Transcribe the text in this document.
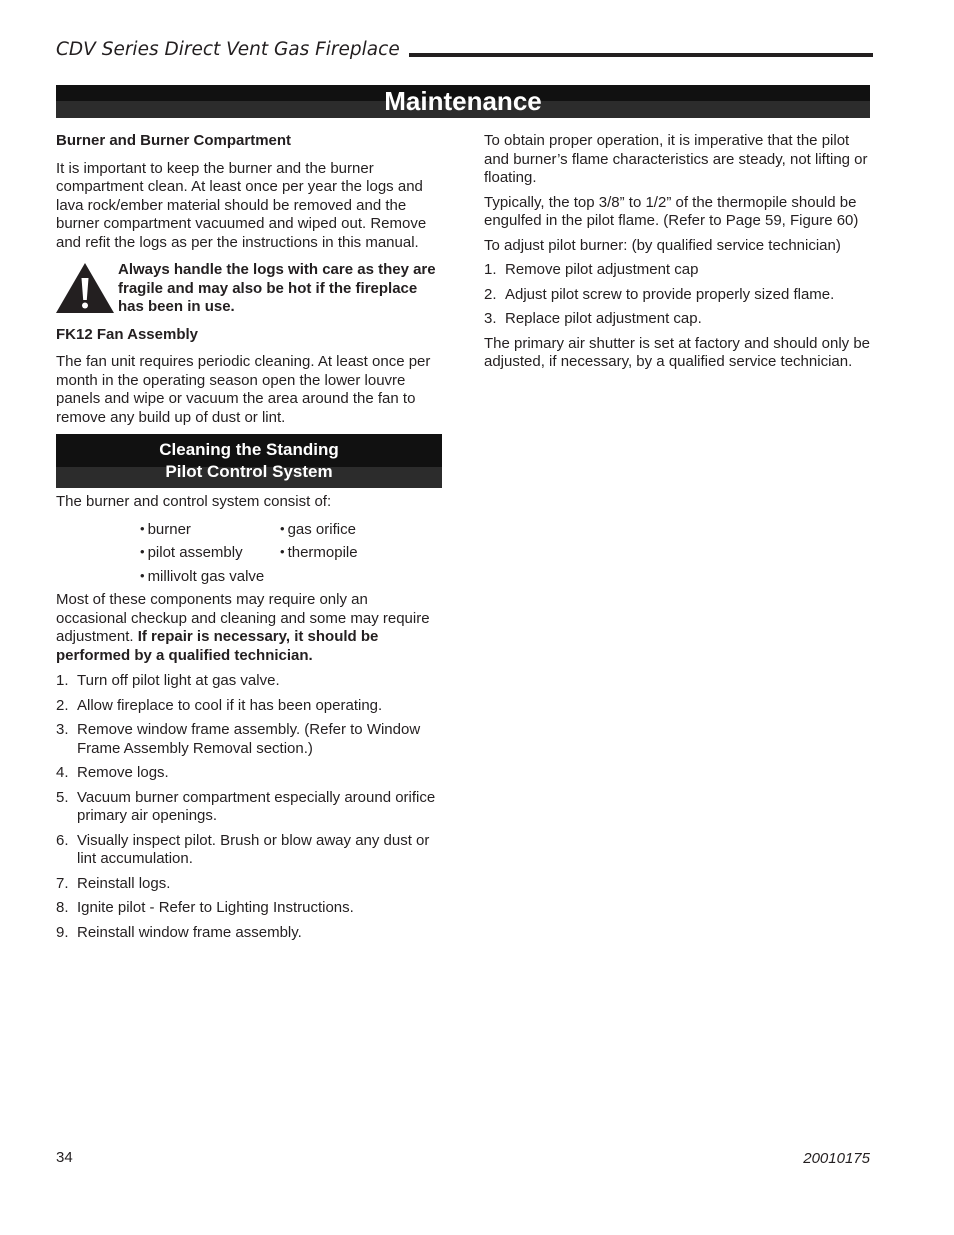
CDV Series Direct Vent Gas Fireplace
Maintenance
Burner and Burner Compartment

It is important to keep the burner and the burner compartment clean. At least once per year the logs and lava rock/ember material should be removed and the burner compartment vacuumed and wiped out. Remove and refit the logs as per the instructions in this manual.

Always handle the logs with care as they are fragile and may also be hot if the fireplace has been in use.
FK12 Fan Assembly

The fan unit requires periodic cleaning. At least once per month in the operating season open the lower louvre panels and wipe or vacuum the area around the fan to remove any build up of dust or lint.

Cleaning the Standing
Pilot Control System

The burner and control system consist of:

• burner	• gas orifice
• pilot assembly	• thermopile
• millivolt gas valve

Most of these components may require only an occasional checkup and cleaning and some may require adjustment. If repair is necessary, it should be performed by a qualified technician.

1. Turn off pilot light at gas valve.
2. Allow fireplace to cool if it has been operating.
3. Remove window frame assembly. (Refer to Window Frame Assembly Removal section.)
4. Remove logs.
5. Vacuum burner compartment especially around orifice primary air openings.
6. Visually inspect pilot. Brush or blow away any dust or lint accumulation.
7. Reinstall logs.
8. Ignite pilot - Refer to Lighting Instructions.
9. Reinstall window frame assembly.

To obtain proper operation, it is imperative that the pilot and burner’s flame characteristics are steady, not lifting or floating.

Typically, the top 3/8” to 1/2” of the thermopile should be engulfed in the pilot flame. (Refer to Page 59, Figure 60)

To adjust pilot burner: (by qualified service technician)

1. Remove pilot adjustment cap
2. Adjust pilot screw to provide properly sized flame.
3. Replace pilot adjustment cap.

The primary air shutter is set at factory and should only be adjusted, if necessary, by a qualified service technician.

34	20010175
